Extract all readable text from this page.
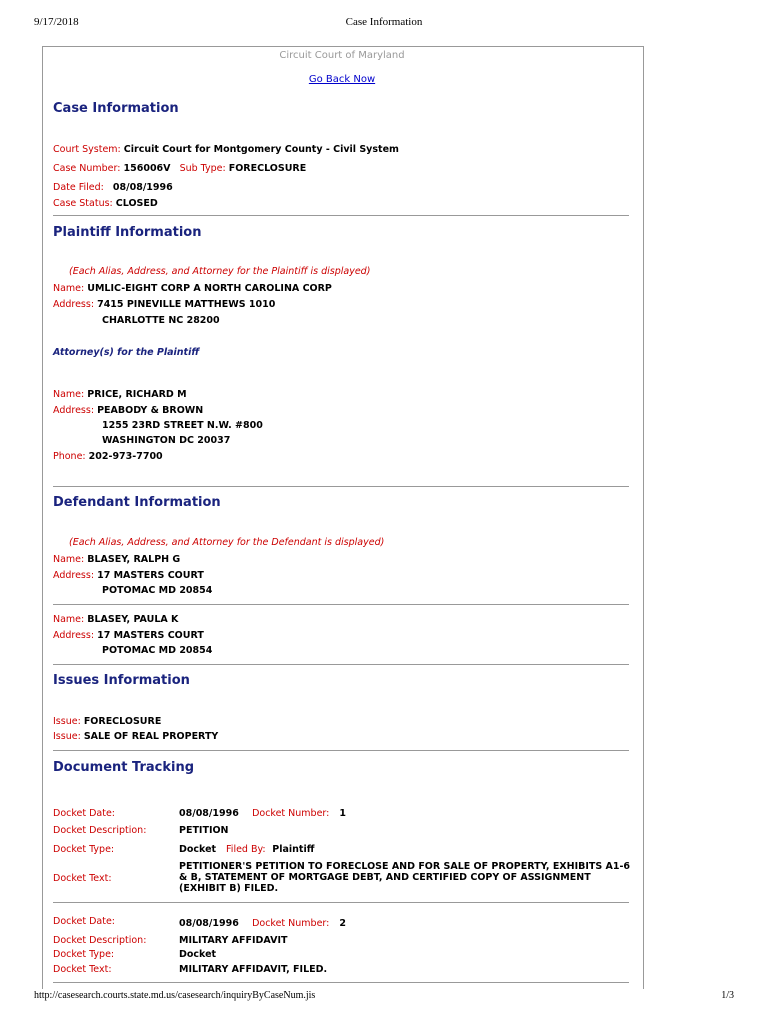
9/17/2018	Case Information
Circuit Court of Maryland
Go Back Now
Case Information
Court System: Circuit Court for Montgomery County - Civil System
Case Number: 156006V Sub Type: FORECLOSURE
Date Filed: 08/08/1996
Case Status: CLOSED
Plaintiff Information
(Each Alias, Address, and Attorney for the Plaintiff is displayed)
Name: UMLIC-EIGHT CORP A NORTH CAROLINA CORP
Address: 7415 PINEVILLE MATTHEWS 1010
CHARLOTTE NC 28200
Attorney(s) for the Plaintiff
Name: PRICE, RICHARD M
Address: PEABODY & BROWN
1255 23RD STREET N.W. #800
WASHINGTON DC 20037
Phone: 202-973-7700
Defendant Information
(Each Alias, Address, and Attorney for the Defendant is displayed)
Name: BLASEY, RALPH G
Address: 17 MASTERS COURT
POTOMAC MD 20854
Name: BLASEY, PAULA K
Address: 17 MASTERS COURT
POTOMAC MD 20854
Issues Information
Issue: FORECLOSURE
Issue: SALE OF REAL PROPERTY
Document Tracking
Docket Date:	08/08/1996 Docket Number: 1
Docket Description:	PETITION
Docket Type:	Docket Filed By: Plaintiff
Docket Text:
PETITIONER'S PETITION TO FORECLOSE AND FOR SALE OF PROPERTY, EXHIBITS A1-6 & B, STATEMENT OF MORTGAGE DEBT, AND CERTIFIED COPY OF ASSIGNMENT (EXHIBIT B) FILED.
Docket Date:	08/08/1996 Docket Number: 2
Docket Description:	MILITARY AFFIDAVIT
Docket Type:	Docket
Docket Text:	MILITARY AFFIDAVIT, FILED.
http://casesearch.courts.state.md.us/casesearch/inquiryByCaseNum.jis	1/3
